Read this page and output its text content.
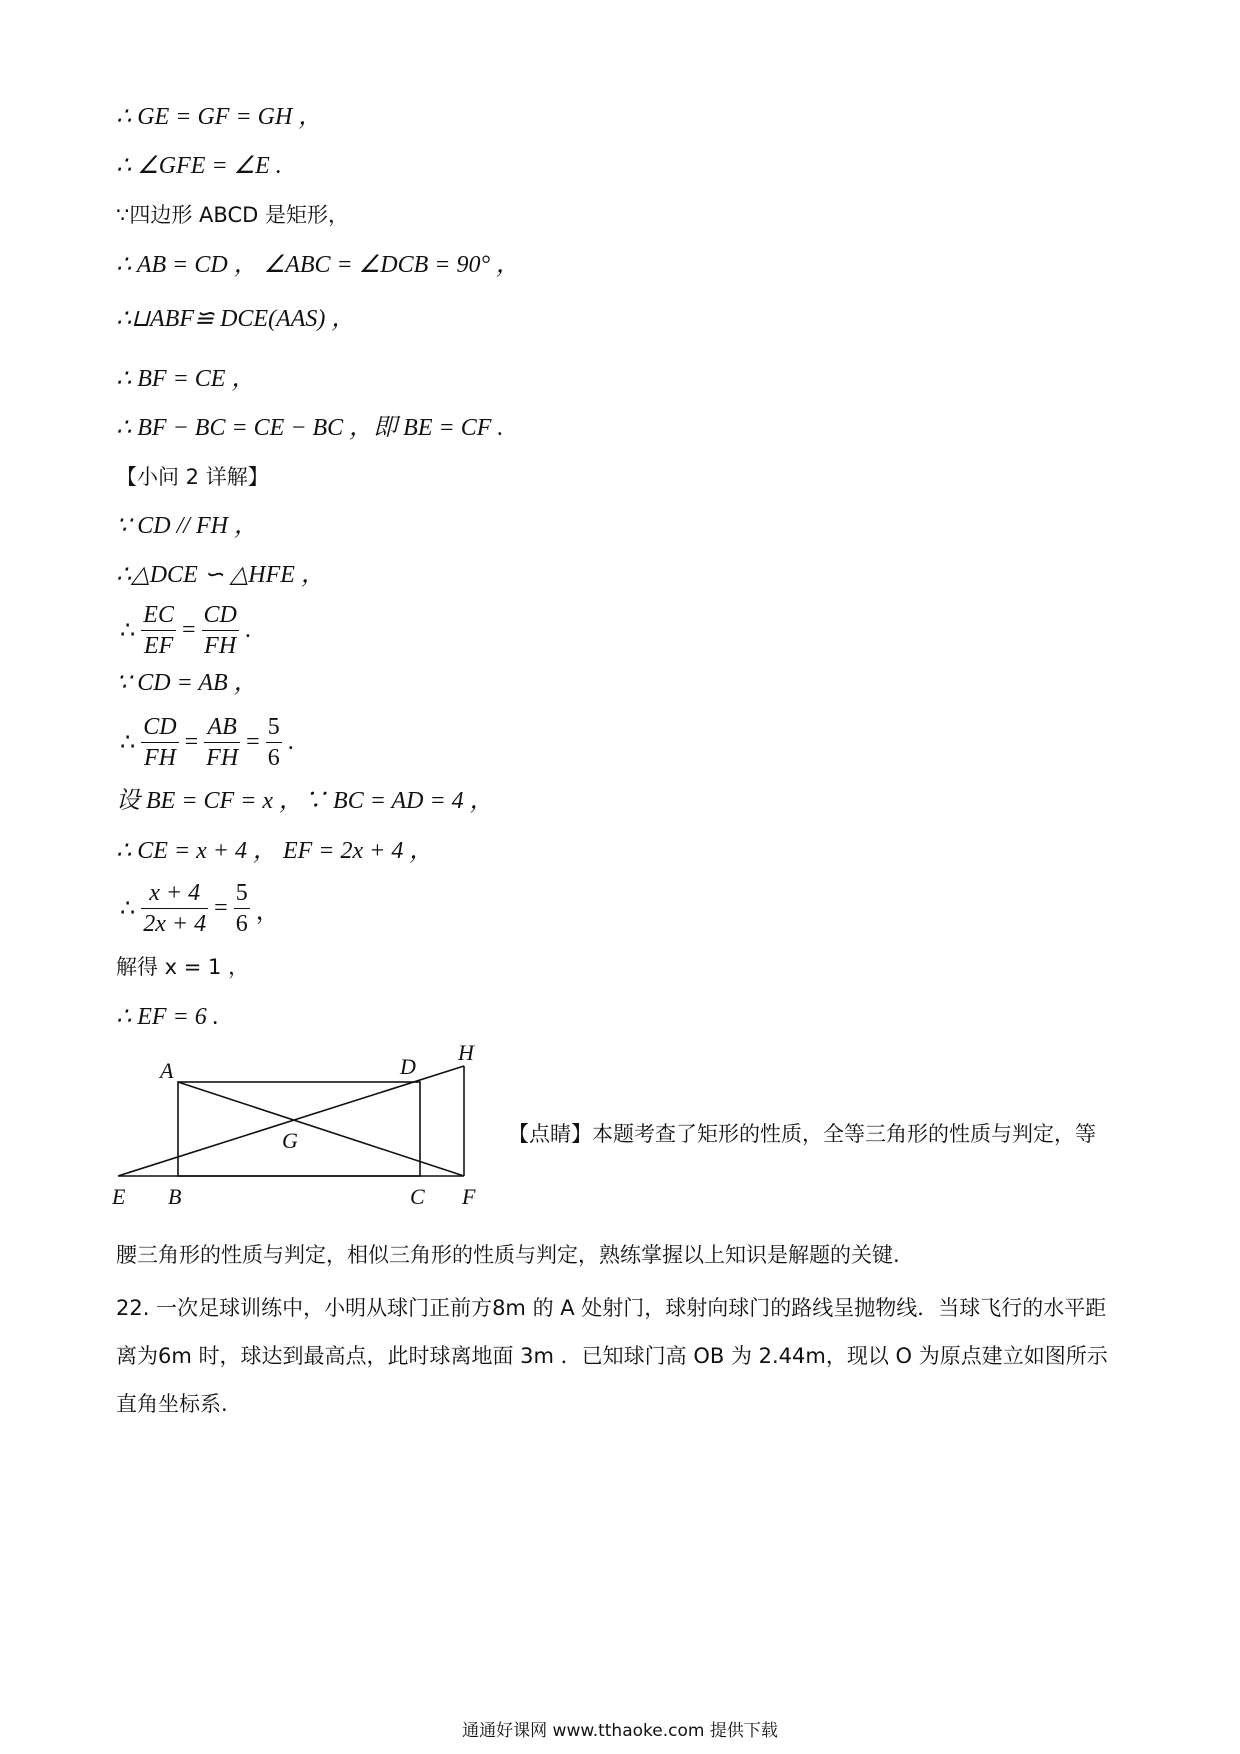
∴ GE = GF = GH ，
∴ ∠GFE = ∠E .
∵四边形 ABCD 是矩形，
∴ AB = CD ， ∠ABC = ∠DCB = 90° ，
∴⊔ABF≌ DCE(AAS) ，
∴ BF = CE ，
∴ BF − BC = CE − BC ，即 BE = CF .
【小问 2 详解】
∵ CD // FH ，
∴△DCE ∽ △HFE ，
∴ $\frac{EC}{EF} = \frac{CD}{FH}$ .
∵ CD = AB ，
∴ $\frac{CD}{FH} = \frac{AB}{FH} = \frac{5}{6}$ .
设 BE = CF = x ，∵ BC = AD = 4 ，
∴ CE = x + 4 ， EF = 2x + 4 ，
∴ $\frac{x + 4}{2x + 4} = \frac{5}{6}$ ，
解得 x = 1 ，
∴ EF = 6 .
A	D
H
G
E B	C F
【点睛】本题考查了矩形的性质，全等三角形的性质与判定，等
腰三角形的性质与判定，相似三角形的性质与判定，熟练掌握以上知识是解题的关键.
22. 一次足球训练中，小明从球门正前方8m 的 A 处射门，球射向球门的路线呈抛物线．当球飞行的水平距离为6m 时，球达到最高点，此时球离地面 3m ．已知球门高 OB 为 2.44m，现以 O 为原点建立如图所示直角坐标系.
通通好课网 www.tthaoke.com 提供下载
